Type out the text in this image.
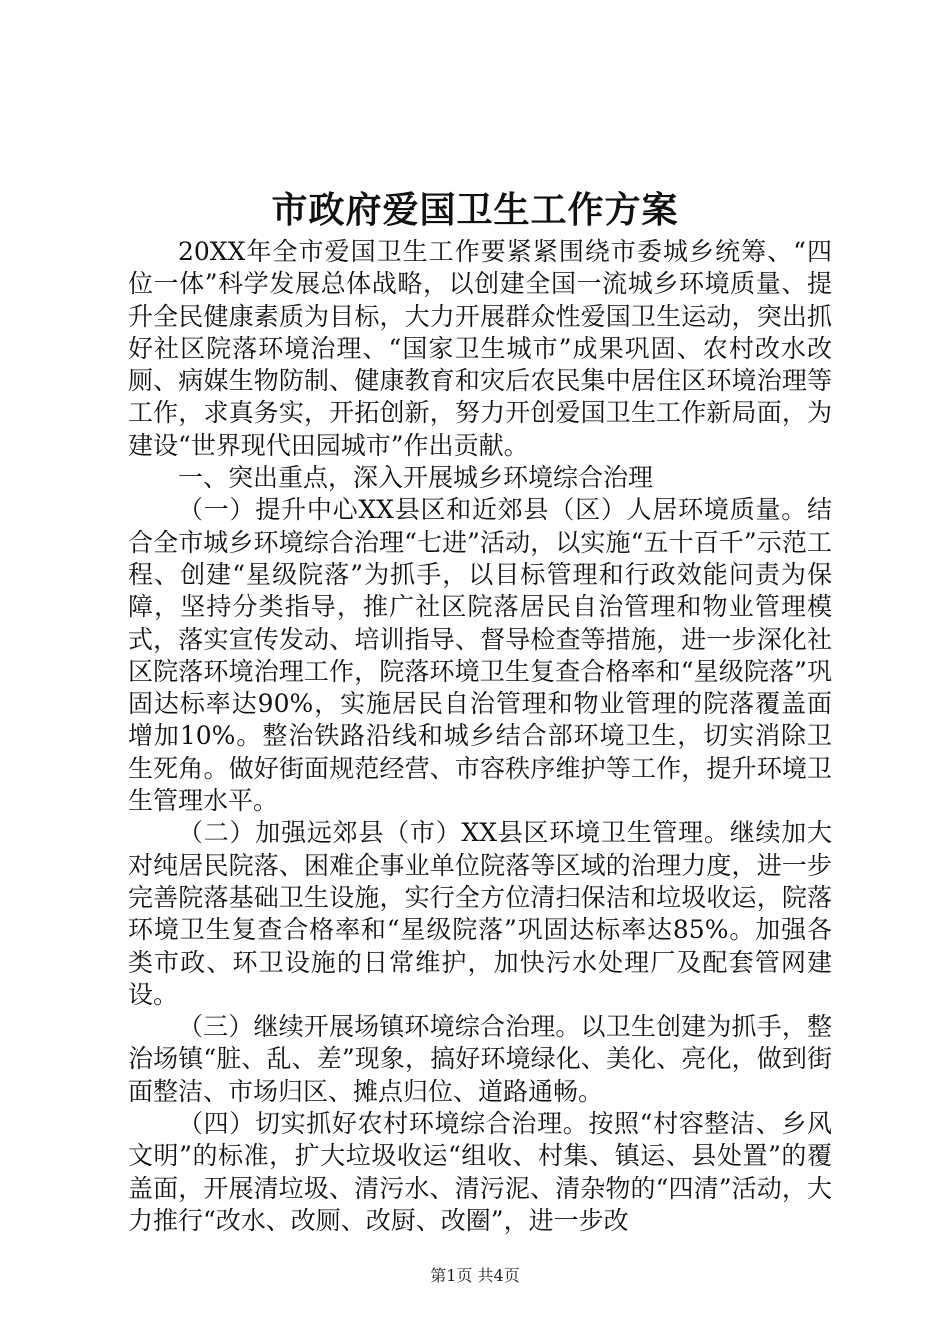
市政府爱国卫生工作方案

20XX年全市爱国卫生工作要紧紧围绕市委城乡统筹、“四位一体”科学发展总体战略，以创建全国一流城乡环境质量、提升全民健康素质为目标，大力开展群众性爱国卫生运动，突出抓好社区院落环境治理、“国家卫生城市”成果巩固、农村改水改厕、病媒生物防制、健康教育和灾后农民集中居住区环境治理等工作，求真务实，开拓创新，努力开创爱国卫生工作新局面，为建设“世界现代田园城市”作出贡献。

一、突出重点，深入开展城乡环境综合治理

（一）提升中心XX县区和近郊县（区）人居环境质量。结合全市城乡环境综合治理“七进”活动，以实施“五十百千”示范工程、创建“星级院落”为抓手，以目标管理和行政效能问责为保障，坚持分类指导，推广社区院落居民自治管理和物业管理模式，落实宣传发动、培训指导、督导检查等措施，进一步深化社区院落环境治理工作，院落环境卫生复查合格率和“星级院落”巩固达标率达90%，实施居民自治管理和物业管理的院落覆盖面增加10%。整治铁路沿线和城乡结合部环境卫生，切实消除卫生死角。做好街面规范经营、市容秩序维护等工作，提升环境卫生管理水平。

（二）加强远郊县（市）XX县区环境卫生管理。继续加大对纯居民院落、困难企事业单位院落等区域的治理力度，进一步完善院落基础卫生设施，实行全方位清扫保洁和垃圾收运，院落环境卫生复查合格率和“星级院落”巩固达标率达85%。加强各类市政、环卫设施的日常维护，加快污水处理厂及配套管网建设。

（三）继续开展场镇环境综合治理。以卫生创建为抓手，整治场镇“脏、乱、差”现象，搞好环境绿化、美化、亮化，做到街面整洁、市场归区、摊点归位、道路通畅。

（四）切实抓好农村环境综合治理。按照“村容整洁、乡风文明”的标准，扩大垃圾收运“组收、村集、镇运、县处置”的覆盖面，开展清垃圾、清污水、清污泥、清杂物的“四清”活动，大力推行“改水、改厕、改厨、改圈”，进一步改

第1页 共4页
